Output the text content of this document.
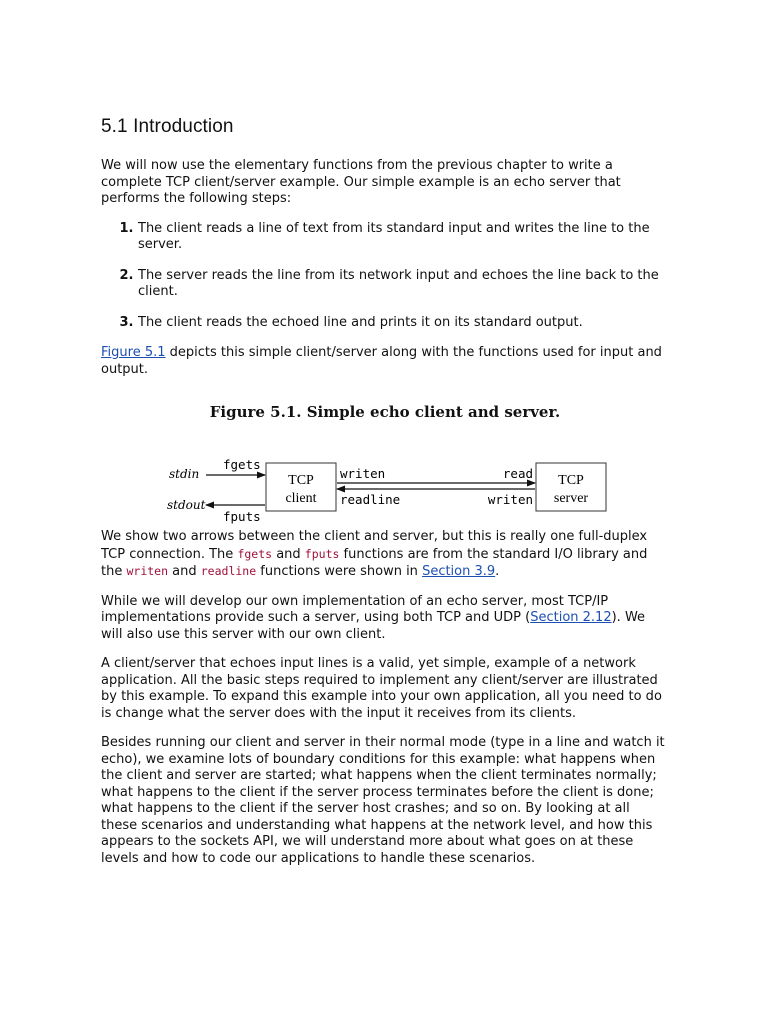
5.1 Introduction

We will now use the elementary functions from the previous chapter to write a complete TCP client/server example. Our simple example is an echo server that performs the following steps:

1. The client reads a line of text from its standard input and writes the line to the server.
2. The server reads the line from its network input and echoes the line back to the client.
3. The client reads the echoed line and prints it on its standard output.

Figure 5.1 depicts this simple client/server along with the functions used for input and output.

Figure 5.1. Simple echo client and server.
stdin
stdout
fgets
fputs
TCP
client
TCP
server
writen
readline
read
writen

We show two arrows between the client and server, but this is really one full-duplex TCP connection. The fgets and fputs functions are from the standard I/O library and the writen and readline functions were shown in Section 3.9.

While we will develop our own implementation of an echo server, most TCP/IP implementations provide such a server, using both TCP and UDP (Section 2.12). We will also use this server with our own client.

A client/server that echoes input lines is a valid, yet simple, example of a network application. All the basic steps required to implement any client/server are illustrated by this example. To expand this example into your own application, all you need to do is change what the server does with the input it receives from its clients.

Besides running our client and server in their normal mode (type in a line and watch it echo), we examine lots of boundary conditions for this example: what happens when the client and server are started; what happens when the client terminates normally; what happens to the client if the server process terminates before the client is done; what happens to the client if the server host crashes; and so on. By looking at all these scenarios and understanding what happens at the network level, and how this appears to the sockets API, we will understand more about what goes on at these levels and how to code our applications to handle these scenarios.
